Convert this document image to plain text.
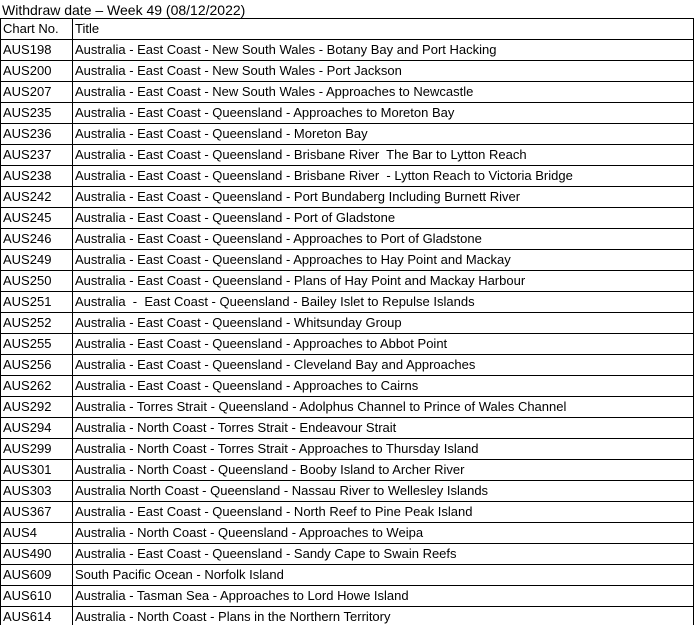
Withdraw date – Week 49 (08/12/2022)
Chart No.	Title
AUS198	Australia - East Coast - New South Wales - Botany Bay and Port Hacking
AUS200	Australia - East Coast - New South Wales - Port Jackson
AUS207	Australia - East Coast - New South Wales - Approaches to Newcastle
AUS235	Australia - East Coast - Queensland - Approaches to Moreton Bay
AUS236	Australia - East Coast - Queensland - Moreton Bay
AUS237	Australia - East Coast - Queensland - Brisbane River  The Bar to Lytton Reach
AUS238	Australia - East Coast - Queensland - Brisbane River  - Lytton Reach to Victoria Bridge
AUS242	Australia - East Coast - Queensland - Port Bundaberg Including Burnett River
AUS245	Australia - East Coast - Queensland - Port of Gladstone
AUS246	Australia - East Coast - Queensland - Approaches to Port of Gladstone
AUS249	Australia - East Coast - Queensland - Approaches to Hay Point and Mackay
AUS250	Australia - East Coast - Queensland - Plans of Hay Point and Mackay Harbour
AUS251	Australia  -  East Coast - Queensland - Bailey Islet to Repulse Islands
AUS252	Australia - East Coast - Queensland - Whitsunday Group
AUS255	Australia - East Coast - Queensland - Approaches to Abbot Point
AUS256	Australia - East Coast - Queensland - Cleveland Bay and Approaches
AUS262	Australia - East Coast - Queensland - Approaches to Cairns
AUS292	Australia - Torres Strait - Queensland - Adolphus Channel to Prince of Wales Channel
AUS294	Australia - North Coast - Torres Strait - Endeavour Strait
AUS299	Australia - North Coast - Torres Strait - Approaches to Thursday Island
AUS301	Australia - North Coast - Queensland - Booby Island to Archer River
AUS303	Australia North Coast - Queensland - Nassau River to Wellesley Islands
AUS367	Australia - East Coast - Queensland - North Reef to Pine Peak Island
AUS4	Australia - North Coast - Queensland - Approaches to Weipa
AUS490	Australia - East Coast - Queensland - Sandy Cape to Swain Reefs
AUS609	South Pacific Ocean - Norfolk Island
AUS610	Australia - Tasman Sea - Approaches to Lord Howe Island
AUS614	Australia - North Coast - Plans in the Northern Territory
